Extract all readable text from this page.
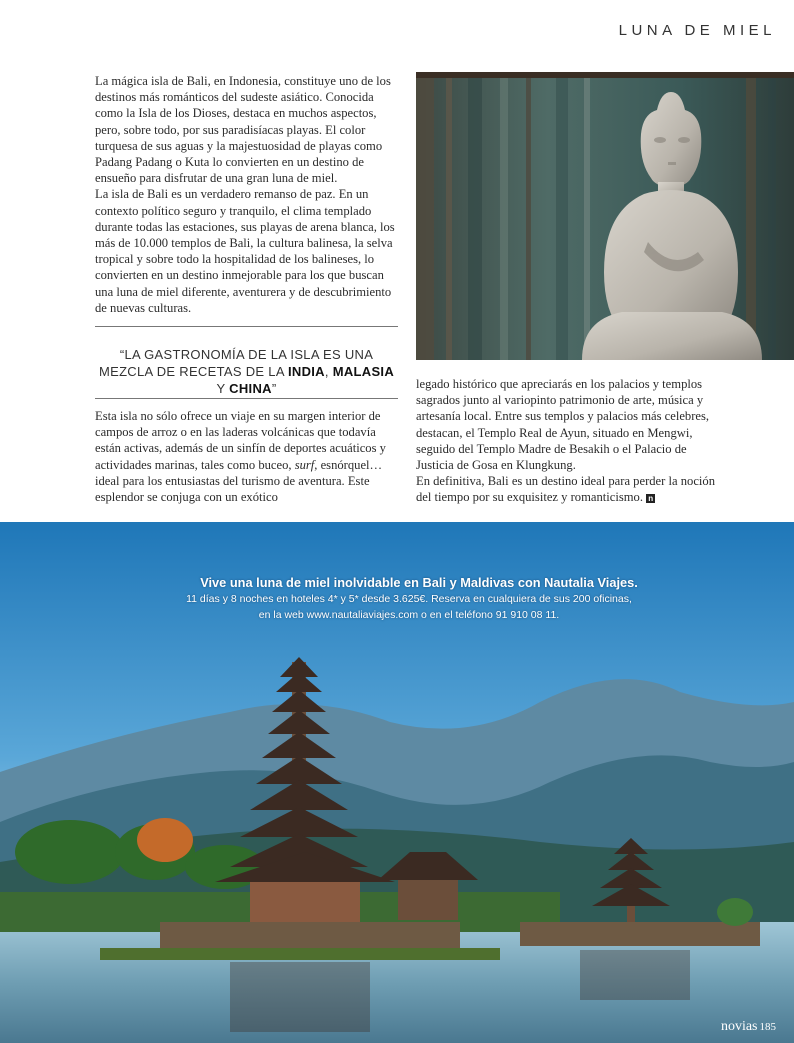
LUNA DE MIEL

La mágica isla de Bali, en Indonesia, constituye uno de los destinos más románticos del sudeste asiático. Conocida como la Isla de los Dioses, destaca en muchos aspectos, pero, sobre todo, por sus paradisíacas playas. El color turquesa de sus aguas y la majestuosidad de playas como Padang Padang o Kuta lo convierten en un destino de ensueño para disfrutar de una gran luna de miel.

La isla de Bali es un verdadero remanso de paz. En un contexto político seguro y tranquilo, el clima templado durante todas las estaciones, sus playas de arena blanca, los más de 10.000 templos de Bali, la cultura balinesa, la selva tropical y sobre todo la hospitalidad de los balineses, lo convierten en un destino inmejorable para los que buscan una luna de miel diferente, aventurera y de descubrimiento de nuevas culturas.

“LA GASTRONOMÍA DE LA ISLA ES UNA MEZCLA DE RECETAS DE LA INDIA, MALASIA Y CHINA”

Esta isla no sólo ofrece un viaje en su margen interior de campos de arroz o en las laderas volcánicas que todavía están activas, además de un sinfín de deportes acuáticos y actividades marinas, tales como buceo, surf, esnórquel… ideal para los entusiastas del turismo de aventura. Este esplendor se conjuga con un exótico

legado histórico que apreciarás en los palacios y templos sagrados junto al variopinto patrimonio de arte, música y artesanía local. Entre sus templos y palacios más celebres, destacan, el Templo Real de Ayun, situado en Mengwi, seguido del Templo Madre de Besakih o el Palacio de Justicia de Gosa en Klungkung.

En definitiva, Bali es un destino ideal para perder la noción del tiempo por su exquisitez y romanticismo. n

Vive una luna de miel inolvidable en Bali y Maldivas con Nautalia Viajes.
11 días y 8 noches en hoteles 4* y 5* desde 3.625€. Reserva en cualquiera de sus 200 oficinas,
en la web www.nautaliaviajes.com o en el teléfono 91 910 08 11.
novias 185
